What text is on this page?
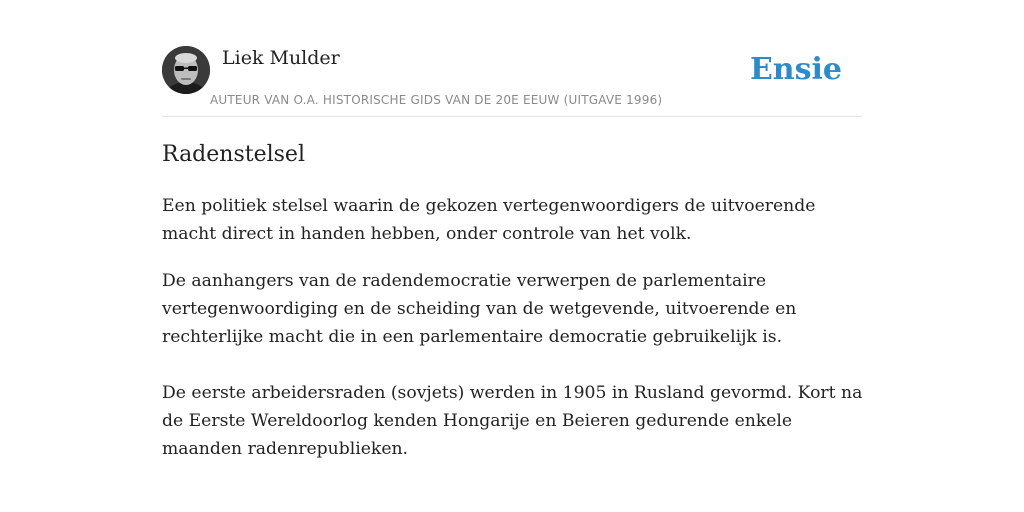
Liek Mulder
AUTEUR VAN O.A. HISTORISCHE GIDS VAN DE 20E EEUW (UITGAVE 1996)
Ensie
Radenstelsel

Een politiek stelsel waarin de gekozen vertegenwoordigers de uitvoerende macht direct in handen hebben, onder controle van het volk.

De aanhangers van de radendemocratie verwerpen de parlementaire vertegenwoordiging en de scheiding van de wetgevende, uitvoerende en rechterlijke macht die in een parlementaire democratie gebruikelijk is.

De eerste arbeidersraden (sovjets) werden in 1905 in Rusland gevormd. Kort na de Eerste Wereldoorlog kenden Hongarije en Beieren gedurende enkele maanden radenrepublieken.
